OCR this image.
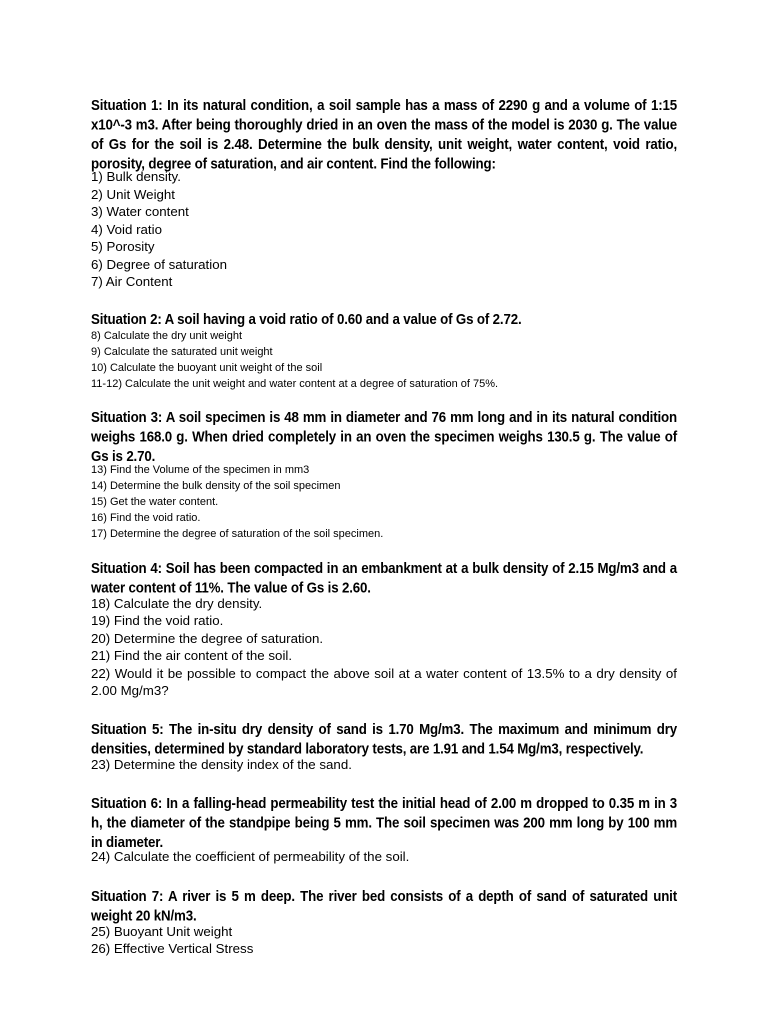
Situation 1: In its natural condition, a soil sample has a mass of 2290 g and a volume of 1:15 x10^-3 m3. After being thoroughly dried in an oven the mass of the model is 2030 g. The value of Gs for the soil is 2.48. Determine the bulk density, unit weight, water content, void ratio, porosity, degree of saturation, and air content. Find the following:

1) Bulk density.
2) Unit Weight
3) Water content
4) Void ratio
5) Porosity
6) Degree of saturation
7) Air Content

Situation 2: A soil having a void ratio of 0.60 and a value of Gs of 2.72.

8) Calculate the dry unit weight
9) Calculate the saturated unit weight
10) Calculate the buoyant unit weight of the soil
11-12) Calculate the unit weight and water content at a degree of saturation of 75%.

Situation 3: A soil specimen is 48 mm in diameter and 76 mm long and in its natural condition weighs 168.0 g. When dried completely in an oven the specimen weighs 130.5 g. The value of Gs is 2.70.

13) Find the Volume of the specimen in mm3
14) Determine the bulk density of the soil specimen
15) Get the water content.
16) Find the void ratio.
17) Determine the degree of saturation of the soil specimen.

Situation 4: Soil has been compacted in an embankment at a bulk density of 2.15 Mg/m3 and a water content of 11%. The value of Gs is 2.60.

18) Calculate the dry density.
19) Find the void ratio.
20) Determine the degree of saturation.
21) Find the air content of the soil.
22) Would it be possible to compact the above soil at a water content of 13.5% to a dry density of 2.00 Mg/m3?

Situation 5: The in-situ dry density of sand is 1.70 Mg/m3. The maximum and minimum dry densities, determined by standard laboratory tests, are 1.91 and 1.54 Mg/m3, respectively.

23) Determine the density index of the sand.

Situation 6: In a falling-head permeability test the initial head of 2.00 m dropped to 0.35 m in 3 h, the diameter of the standpipe being 5 mm. The soil specimen was 200 mm long by 100 mm in diameter.

24) Calculate the coefficient of permeability of the soil.

Situation 7: A river is 5 m deep. The river bed consists of a depth of sand of saturated unit weight 20 kN/m3.

25) Buoyant Unit weight
26) Effective Vertical Stress
